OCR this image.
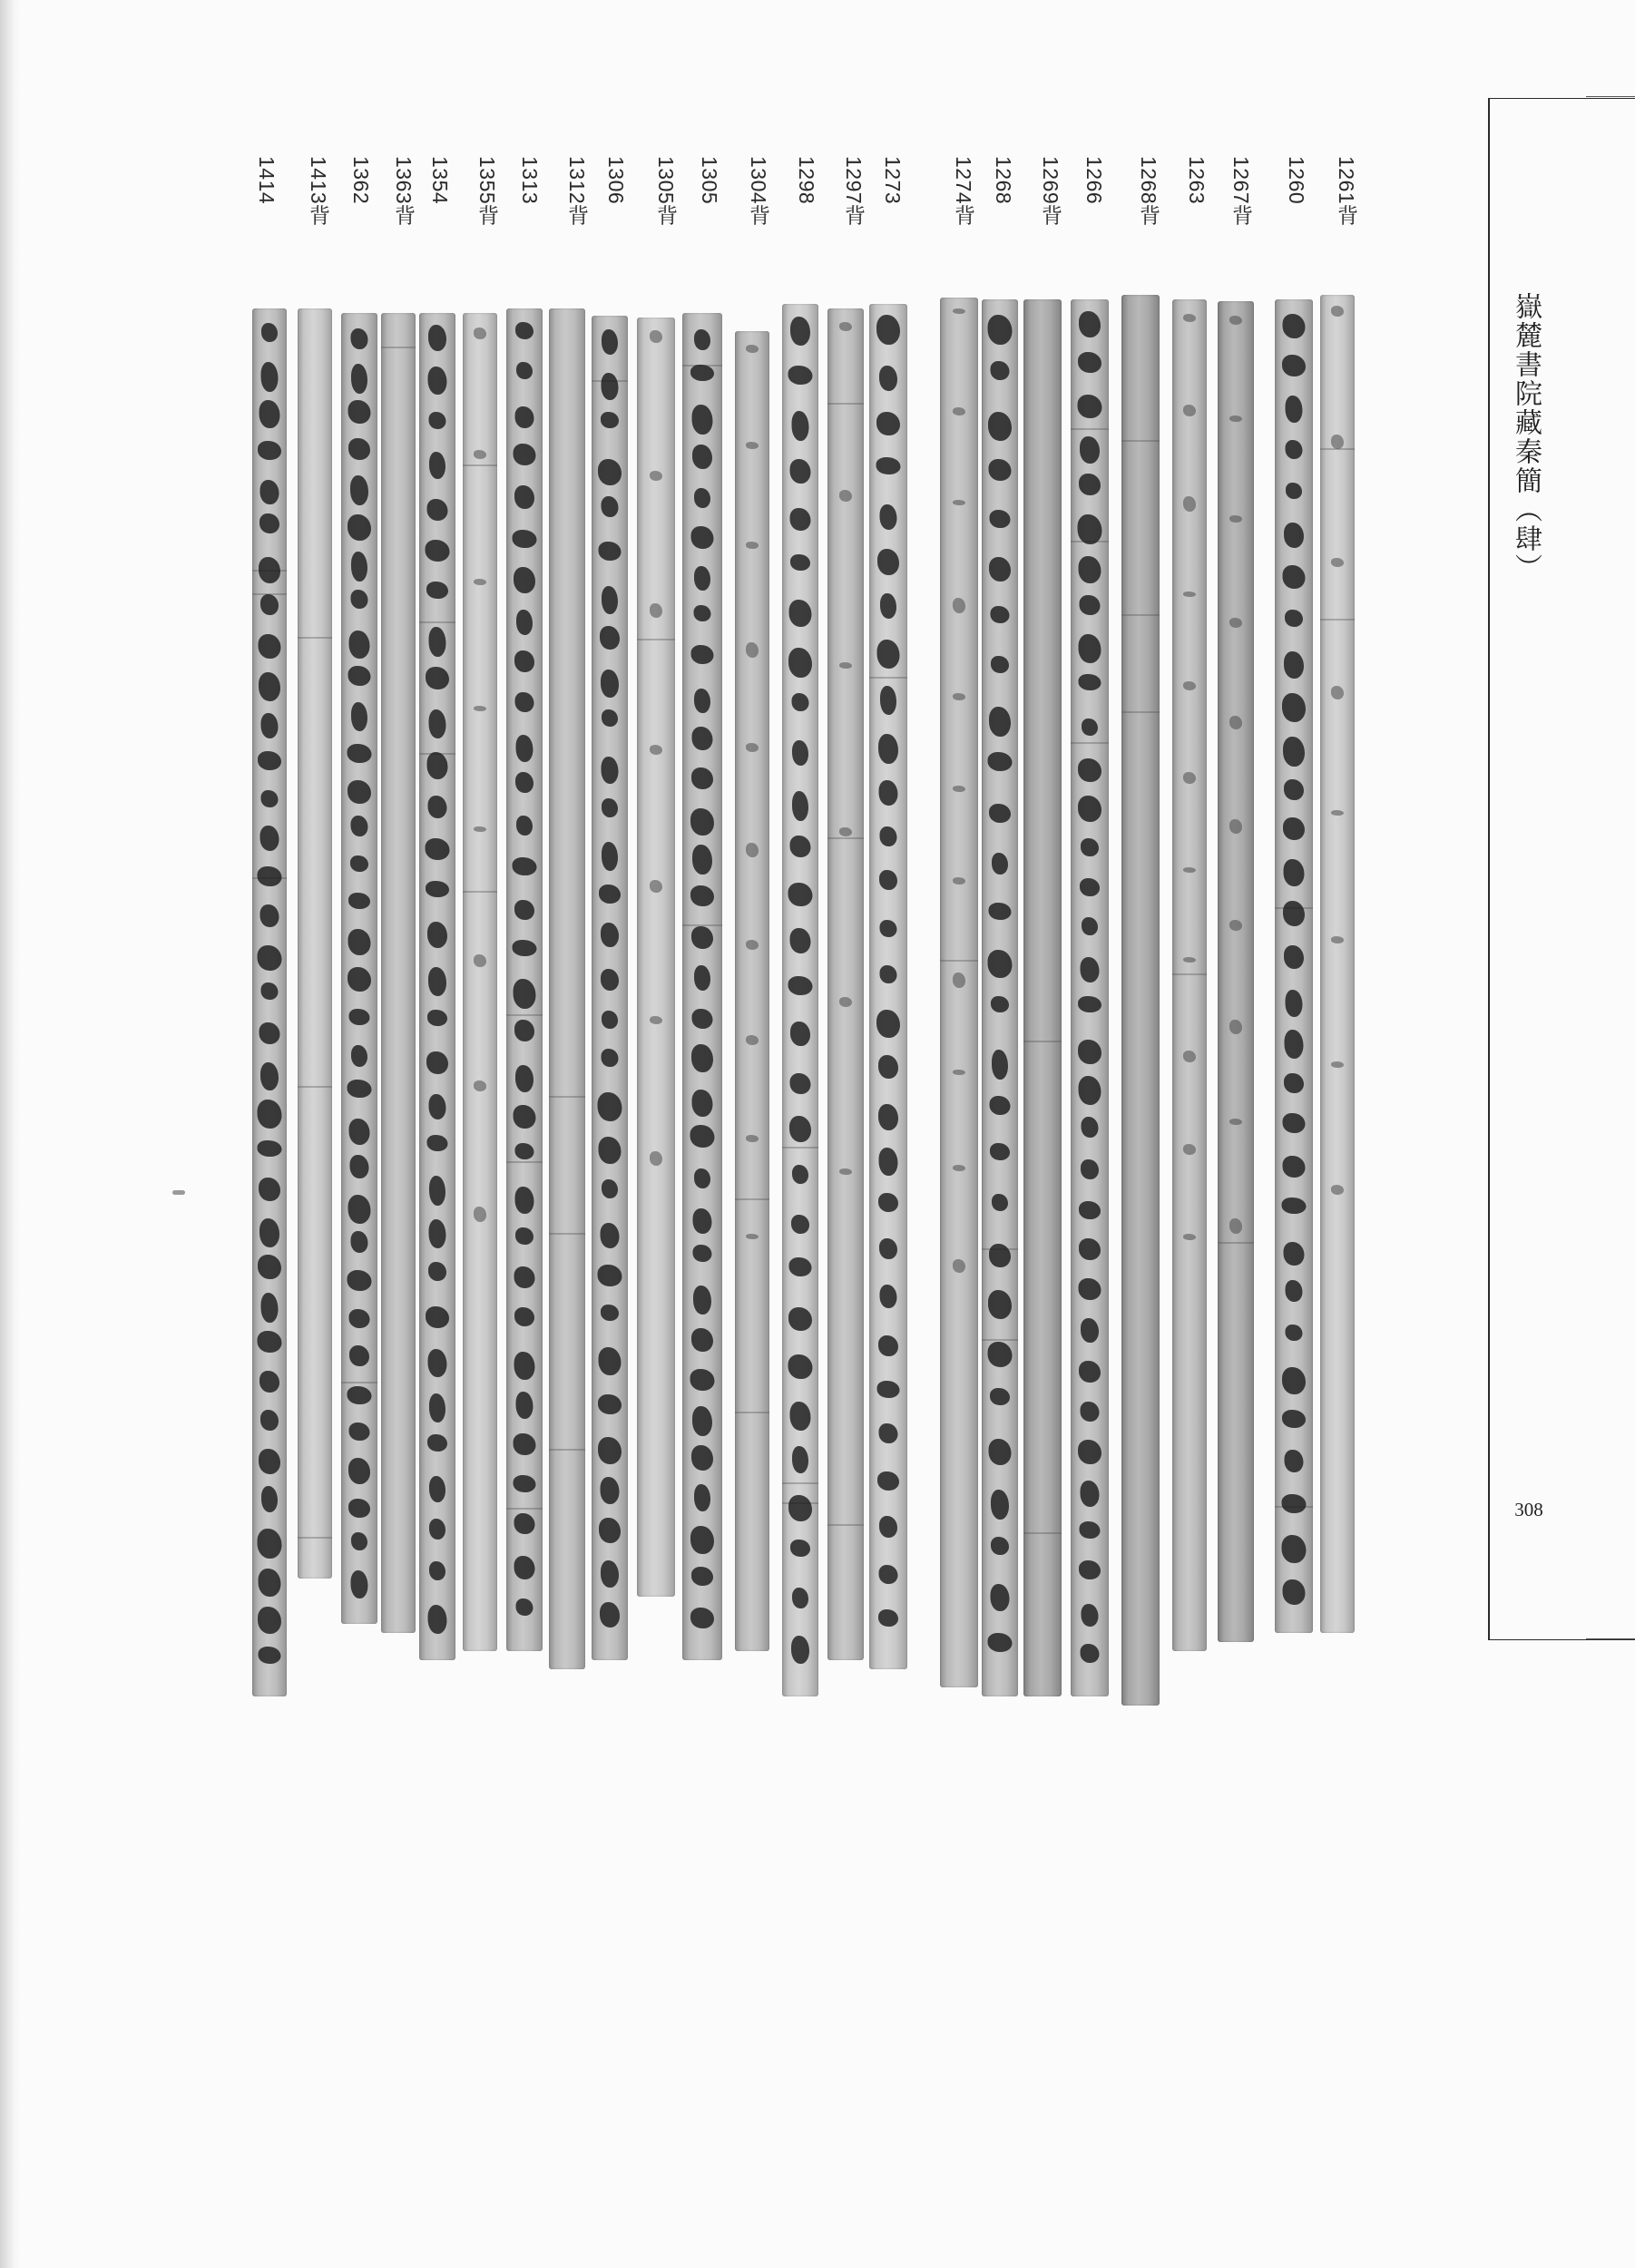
嶽麓書院藏秦簡（肆）
308
1261背
1260
1267背
1263
1268背
1266
1269背
1268
1274背
1273
1297背
1298
1304背
1305
1305背
1306
1312背
1313
1355背
1354
1363背
1362
1413背
1414
